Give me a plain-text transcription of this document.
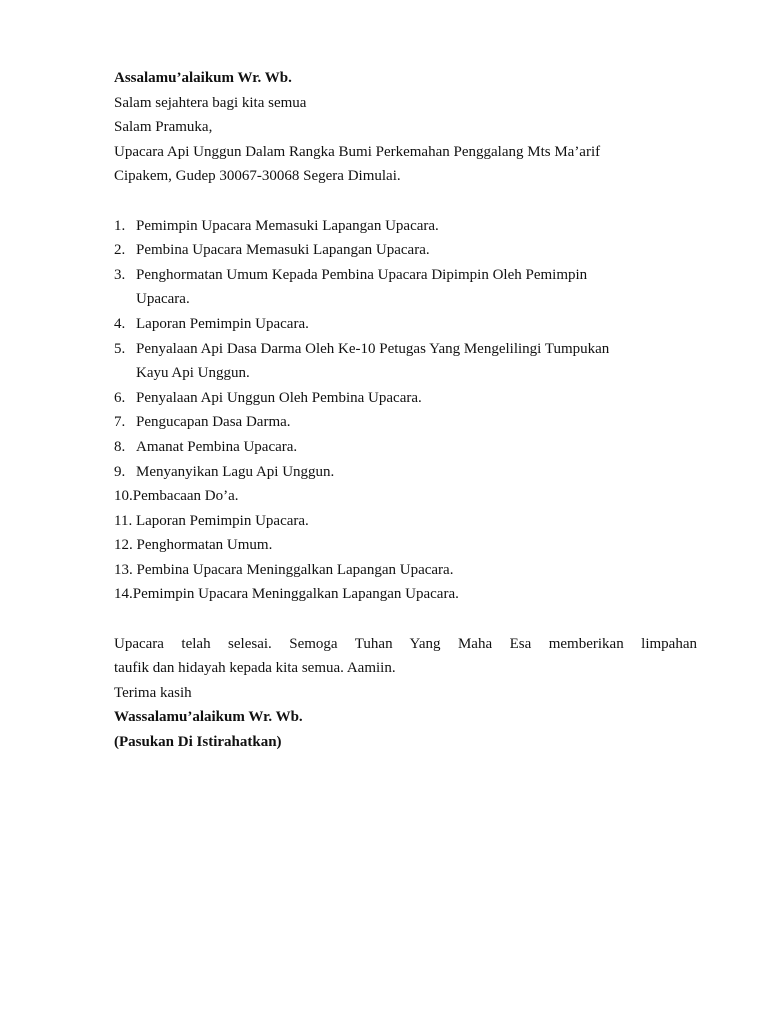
Assalamu’alaikum Wr. Wb.

Salam sejahtera bagi kita semua

Salam Pramuka,

Upacara Api Unggun Dalam Rangka Bumi Perkemahan Penggalang Mts Ma’arif

Cipakem, Gudep 30067-30068 Segera Dimulai.

1. Pemimpin Upacara Memasuki Lapangan Upacara.
2. Pembina Upacara Memasuki Lapangan Upacara.
3. Penghormatan Umum Kepada Pembina Upacara Dipimpin Oleh Pemimpin
Upacara.
4. Laporan Pemimpin Upacara.
5. Penyalaan Api Dasa Darma Oleh Ke-10 Petugas Yang Mengelilingi Tumpukan
Kayu Api Unggun.
6. Penyalaan Api Unggun Oleh Pembina Upacara.
7. Pengucapan Dasa Darma.
8. Amanat Pembina Upacara.
9. Menyanyikan Lagu Api Unggun.
10.Pembacaan Do’a.
11. Laporan Pemimpin Upacara.
12. Penghormatan Umum.
13. Pembina Upacara Meninggalkan Lapangan Upacara.
14.Pemimpin Upacara Meninggalkan Lapangan Upacara.

Upacara telah selesai. Semoga Tuhan Yang Maha Esa memberikan limpahan
taufik dan hidayah kepada kita semua. Aamiin.

Terima kasih

Wassalamu’alaikum Wr. Wb.

(Pasukan Di Istirahatkan)
